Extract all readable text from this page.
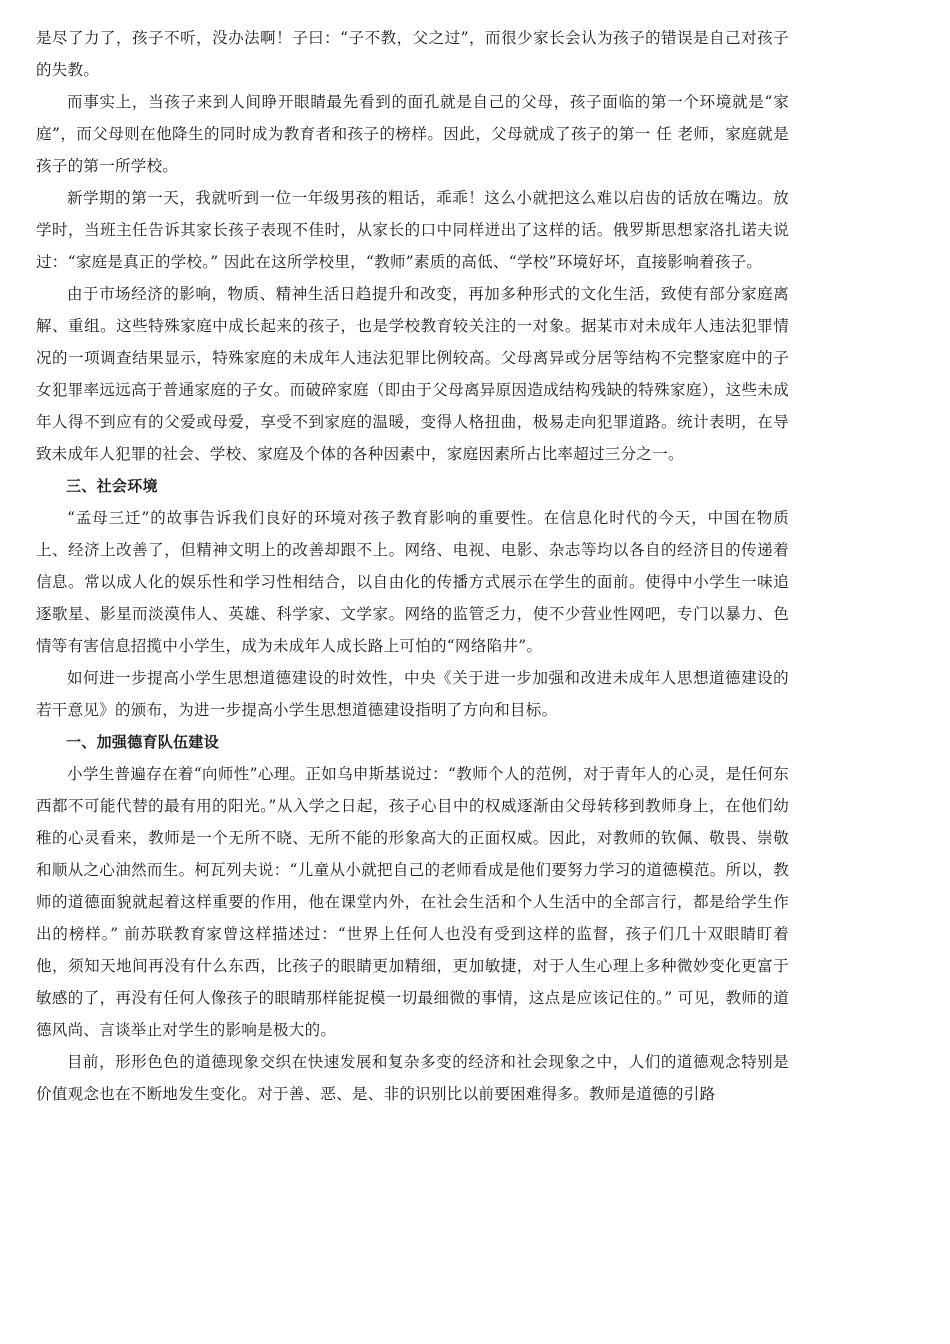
是尽了力了，孩子不听，没办法啊！子曰：“子不教，父之过”，而很少家长会认为孩子的错误是自己对孩子的失教。

而事实上，当孩子来到人间睁开眼睛最先看到的面孔就是自己的父母，孩子面临的第一个环境就是“家庭”，而父母则在他降生的同时成为教育者和孩子的榜样。因此，父母就成了孩子的第一 任 老师，家庭就是孩子的第一所学校。

新学期的第一天，我就听到一位一年级男孩的粗话，乖乖！这么小就把这么难以启齿的话放在嘴边。放学时，当班主任告诉其家长孩子表现不佳时，从家长的口中同样迸出了这样的话。俄罗斯思想家洛扎诺夫说过：“家庭是真正的学校。” 因此在这所学校里，“教师”素质的高低、“学校”环境好坏，直接影响着孩子。

由于市场经济的影响，物质、精神生活日趋提升和改变，再加多种形式的文化生活，致使有部分家庭离解、重组。这些特殊家庭中成长起来的孩子，也是学校教育较关注的一对象。据某市对未成年人违法犯罪情况的一项调查结果显示，特殊家庭的未成年人违法犯罪比例较高。父母离异或分居等结构不完整家庭中的子女犯罪率远远高于普通家庭的子女。而破碎家庭（即由于父母离异原因造成结构残缺的特殊家庭），这些未成年人得不到应有的父爱或母爱，享受不到家庭的温暖，变得人格扭曲，极易走向犯罪道路。统计表明，在导致未成年人犯罪的社会、学校、家庭及个体的各种因素中，家庭因素所占比率超过三分之一。

三、社会环境

“孟母三迁”的故事告诉我们良好的环境对孩子教育影响的重要性。在信息化时代的今天，中国在物质上、经济上改善了，但精神文明上的改善却跟不上。网络、电视、电影、杂志等均以各自的经济目的传递着信息。常以成人化的娱乐性和学习性相结合，以自由化的传播方式展示在学生的面前。使得中小学生一味追逐歌星、影星而淡漠伟人、英雄、科学家、文学家。网络的监管乏力，使不少营业性网吧，专门以暴力、色情等有害信息招揽中小学生，成为未成年人成长路上可怕的“网络陷井”。

如何进一步提高小学生思想道德建设的时效性，中央《关于进一步加强和改进未成年人思想道德建设的若干意见》的颁布，为进一步提高小学生思想道德建设指明了方向和目标。

一、加强德育队伍建设

小学生普遍存在着“向师性”心理。正如乌申斯基说过：“教师个人的范例，对于青年人的心灵，是任何东西都不可能代替的最有用的阳光。”从入学之日起，孩子心目中的权威逐渐由父母转移到教师身上，在他们幼稚的心灵看来，教师是一个无所不晓、无所不能的形象高大的正面权威。因此，对教师的钦佩、敬畏、崇敬和顺从之心油然而生。柯瓦列夫说：“儿童从小就把自己的老师看成是他们要努力学习的道德模范。所以，教师的道德面貌就起着这样重要的作用，他在课堂内外，在社会生活和个人生活中的全部言行，都是给学生作出的榜样。” 前苏联教育家曾这样描述过：“世界上任何人也没有受到这样的监督，孩子们几十双眼睛盯着他，须知天地间再没有什么东西，比孩子的眼睛更加精细，更加敏捷，对于人生心理上多种微妙变化更富于敏感的了，再没有任何人像孩子的眼睛那样能捉模一切最细微的事情，这点是应该记住的。” 可见，教师的道德风尚、言谈举止对学生的影响是极大的。

目前，形形色色的道德现象交织在快速发展和复杂多变的经济和社会现象之中，人们的道德观念特别是价值观念也在不断地发生变化。对于善、恶、是、非的识别比以前要困难得多。教师是道德的引路
